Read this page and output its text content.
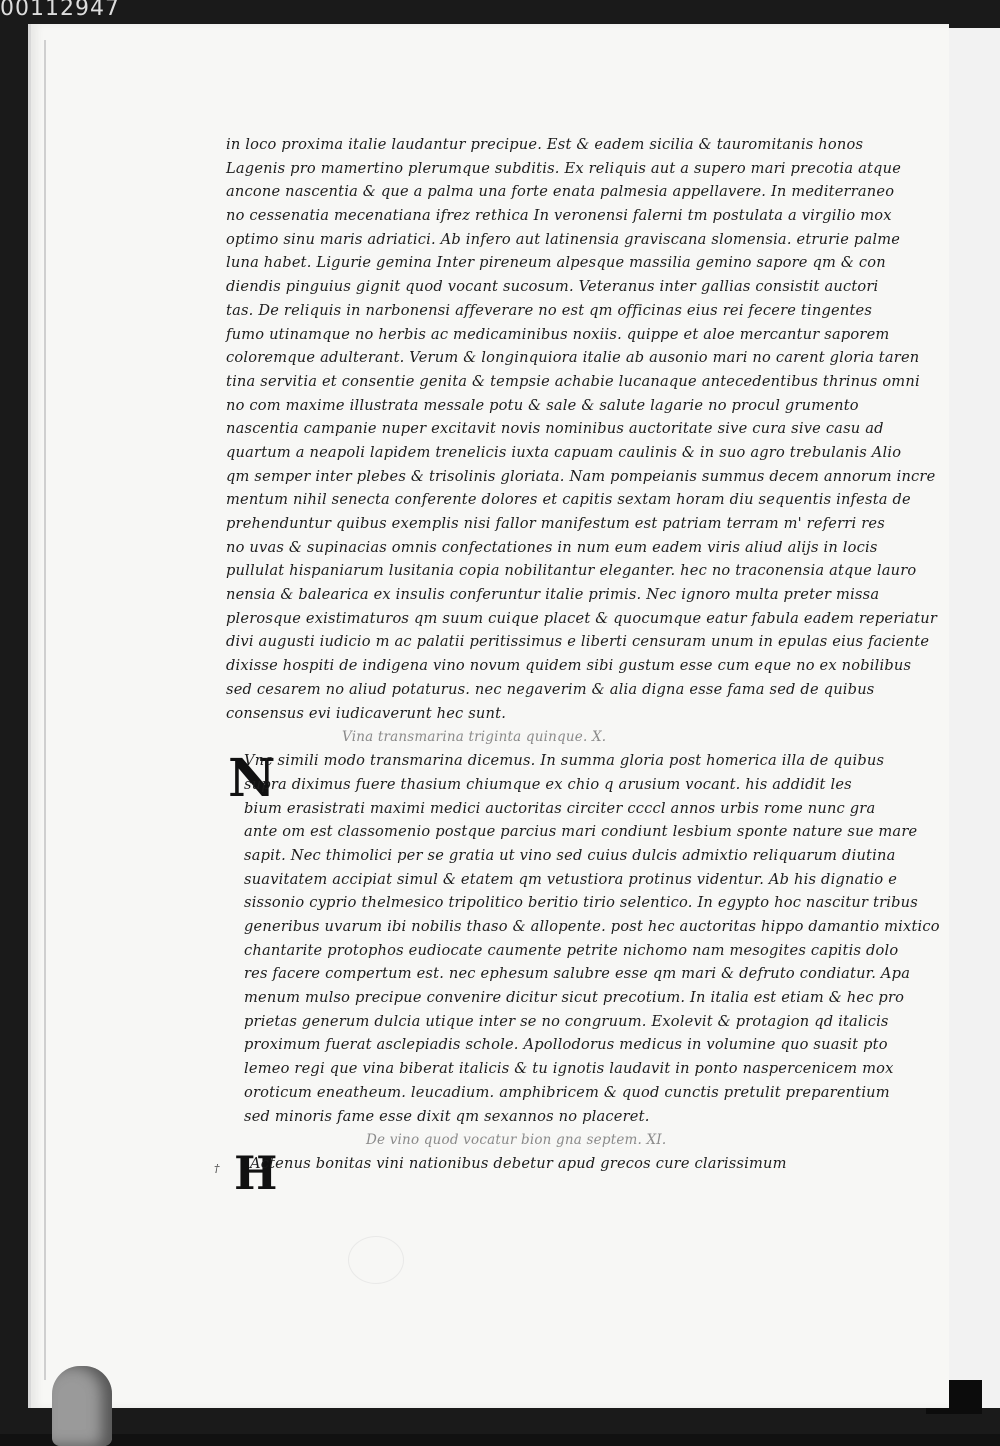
00112947
in loco proxima italie laudantur precipue. Est & eadem sicilia & tauromitanis honos
Lagenis pro mamertino plerumque subditis. Ex reliquis aut a supero mari precotia atque
ancone nascentia & que a palma una forte enata palmesia appellavere. In mediterraneo
no cessenatia mecenatiana ifrez rethica In veronensi falerni tm postulata a virgilio mox
optimo sinu maris adriatici. Ab infero aut latinensia graviscana slomensia. etrurie palme
luna habet. Ligurie gemina Inter pireneum alpesque massilia gemino sapore qm & con
diendis pinguius gignit quod vocant sucosum. Veteranus inter gallias consistit auctori
tas. De reliquis in narbonensi affeverare no est qm officinas eius rei fecere tingentes
fumo utinamque no herbis ac medicaminibus noxiis. quippe et aloe mercantur saporem
coloremque adulterant. Verum & longinquiora italie ab ausonio mari no carent gloria taren
tina servitia et consentie genita & tempsie achabie lucanaque antecedentibus thrinus omni
no com maxime illustrata messale potu & sale & salute lagarie no procul grumento
nascentia campanie nuper excitavit novis nominibus auctoritate sive cura sive casu ad
quartum a neapoli lapidem trenelicis iuxta capuam caulinis & in suo agro trebulanis Alio
qm semper inter plebes & trisolinis gloriata. Nam pompeianis summus decem annorum incre
mentum nihil senecta conferente dolores et capitis sextam horam diu sequentis infesta de
prehenduntur quibus exemplis nisi fallor manifestum est patriam terram m' referri res
no uvas & supinacias omnis confectationes in num eum eadem viris aliud alijs in locis
pullulat hispaniarum lusitania copia nobilitantur eleganter. hec no traconensia atque lauro
nensia & balearica ex insulis conferuntur italie primis. Nec ignoro multa preter missa
plerosque existimaturos qm suum cuique placet & quocumque eatur fabula eadem reperiatur
divi augusti iudicio m ac palatii peritissimus e liberti censuram unum in epulas eius faciente
dixisse hospiti de indigena vino novum quidem sibi gustum esse cum eque no ex nobilibus
sed cesarem no aliud potaturus. nec negaverim & alia digna esse fama sed de quibus
consensus evi iudicaverunt hec sunt.
Vina transmarina triginta quinque. X.
N
Vnc simili modo transmarina dicemus. In summa gloria post homerica illa de quibus
supra diximus fuere thasium chiumque ex chio q arusium vocant. his addidit les
bium erasistrati maximi medici auctoritas circiter ccccl annos urbis rome nunc gra
ante om est classomenio postque parcius mari condiunt lesbium sponte nature sue mare
sapit. Nec thimolici per se gratia ut vino sed cuius dulcis admixtio reliquarum diutina
suavitatem accipiat simul & etatem qm vetustiora protinus videntur. Ab his dignatio e
sissonio cyprio thelmesico tripolitico beritio tirio selentico. In egypto hoc nascitur tribus
generibus uvarum ibi nobilis thaso & allopente. post hec auctoritas hippo damantio mixtico
chantarite protophos eudiocate caumente petrite nichomo nam mesogites capitis dolo
res facere compertum est. nec ephesum salubre esse qm mari & defruto condiatur. Apa
menum mulso precipue convenire dicitur sicut precotium. In italia est etiam & hec pro
prietas generum dulcia utique inter se no congruum. Exolevit & protagion qd italicis
proximum fuerat asclepiadis schole. Apollodorus medicus in volumine quo suasit pto
lemeo regi que vina biberat italicis & tu ignotis laudavit in ponto naspercenicem mox
oroticum eneatheum. leucadium. amphibricem & quod cunctis pretulit preparentium
sed minoris fame esse dixit qm sexannos no placeret.
De vino quod vocatur bion gna septem. XI.
H
†	Actenus bonitas vini nationibus debetur apud grecos cure clarissimum
